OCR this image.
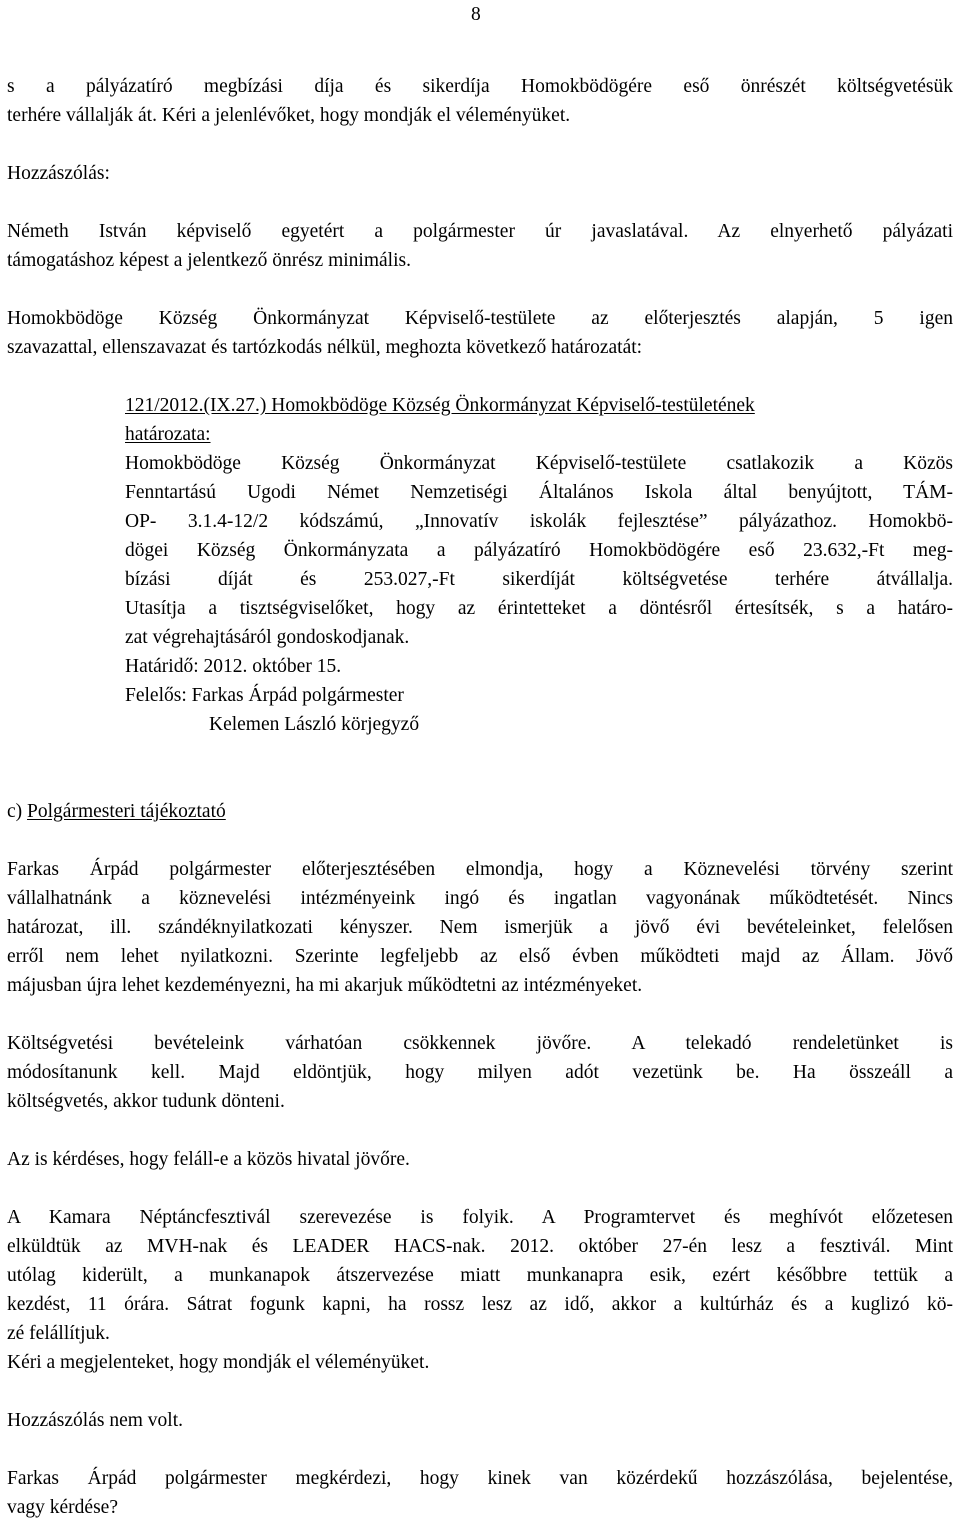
8
s a pályázatíró megbízási díja és sikerdíja Homokbödögére eső önrészét költségvetésük
terhére vállalják át. Kéri a jelenlévőket, hogy mondják el véleményüket.
Hozzászólás:
Németh István képviselő egyetért a polgármester úr javaslatával. Az elnyerhető pályázati
támogatáshoz képest a jelentkező önrész minimális.
Homokbödöge Község Önkormányzat Képviselő-testülete az előterjesztés alapján, 5 igen
szavazattal, ellenszavazat és tartózkodás nélkül, meghozta következő határozatát:
121/2012.(IX.27.) Homokbödöge Község Önkormányzat Képviselő-testületének
határozata:
Homokbödöge Község Önkormányzat Képviselő-testülete csatlakozik a Közös
Fenntartású Ugodi Német Nemzetiségi Általános Iskola által benyújtott, TÁM-
OP- 3.1.4-12/2 kódszámú, „Innovatív iskolák fejlesztése” pályázathoz. Homokbö-
dögei Község Önkormányzata a pályázatíró Homokbödögére eső 23.632,-Ft meg-
bízási díját és 253.027,-Ft sikerdíját költségvetése terhére átvállalja.
Utasítja a tisztségviselőket, hogy az érintetteket a döntésről értesítsék, s a határo-
zat végrehajtásáról gondoskodjanak.
Határidő: 2012. október 15.
Felelős: Farkas Árpád polgármester
Kelemen László körjegyző
c) Polgármesteri tájékoztató
Farkas Árpád polgármester előterjesztésében elmondja, hogy a Köznevelési törvény szerint
vállalhatnánk a köznevelési intézményeink ingó és ingatlan vagyonának működtetését. Nincs
határozat, ill. szándéknyilatkozati kényszer. Nem ismerjük a jövő évi bevételeinket, felelősen
erről nem lehet nyilatkozni. Szerinte legfeljebb az első évben működteti majd az Állam. Jövő
májusban újra lehet kezdeményezni, ha mi akarjuk működtetni az intézményeket.
Költségvetési bevételeink várhatóan csökkennek jövőre. A telekadó rendeletünket is
módosítanunk kell. Majd eldöntjük, hogy milyen adót vezetünk be. Ha összeáll a
költségvetés, akkor tudunk dönteni.
Az is kérdéses, hogy feláll-e a közös hivatal jövőre.
A Kamara Néptáncfesztivál szerevezése is folyik. A Programtervet és meghívót előzetesen
elküldtük az MVH-nak és LEADER HACS-nak. 2012. október 27-én lesz a fesztivál. Mint
utólag kiderült, a munkanapok átszervezése miatt munkanapra esik, ezért későbbre tettük a
kezdést, 11 órára. Sátrat fogunk kapni, ha rossz lesz az idő, akkor a kultúrház és a kuglizó kö-
zé felállítjuk.
Kéri a megjelenteket, hogy mondják el véleményüket.
Hozzászólás nem volt.
Farkas Árpád polgármester megkérdezi, hogy kinek van közérdekű hozzászólása, bejelentése,
vagy kérdése?
